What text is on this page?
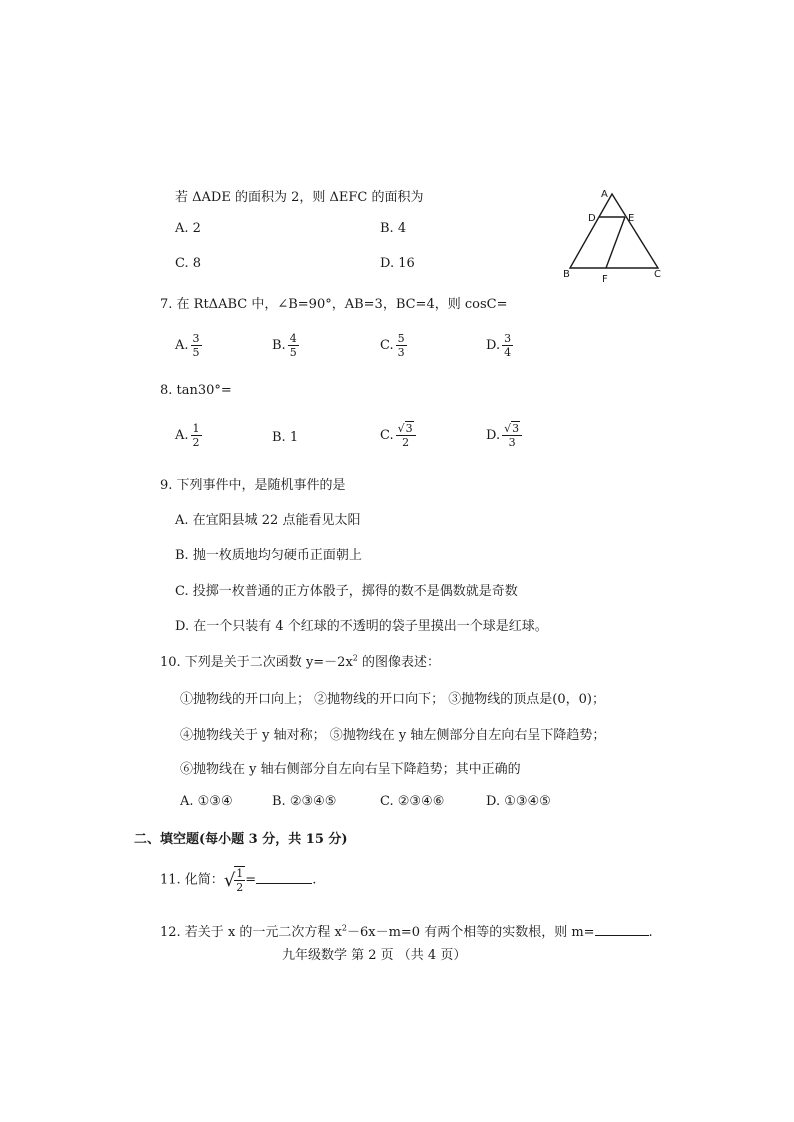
若 ΔADE 的面积为 2，则 ΔEFC 的面积为
A. 2	B. 4
C. 8	D. 16
A
D	E
B	F	C
7. 在 RtΔABC 中，∠B=90°，AB=3，BC=4，则 cosC=
A. $\frac{3}{5}$	B. $\frac{4}{5}$	C. $\frac{5}{3}$	D. $\frac{3}{4}$
8. tan30°=
A. $\frac{1}{2}$	B. 1	C. $\frac{√3}{2}$	D. $\frac{√3}{3}$
9. 下列事件中，是随机事件的是
A. 在宜阳县城 22 点能看见太阳
B. 抛一枚质地均匀硬币正面朝上
C. 投掷一枚普通的正方体骰子，掷得的数不是偶数就是奇数
D. 在一个只装有 4 个红球的不透明的袋子里摸出一个球是红球。
10. 下列是关于二次函数 $y=-2x^2$ 的图像表述：
①抛物线的开口向上； ②抛物线的开口向下； ③抛物线的顶点是(0，0)；
④抛物线关于 y 轴对称； ⑤抛物线在 y 轴左侧部分自左向右呈下降趋势；
⑥抛物线在 y 轴右侧部分自左向右呈下降趋势；其中正确的
A. ①③④	B. ②③④⑤	C. ②③④⑥	D. ①③④⑤
二、填空题(每小题 3 分，共 15 分)
11. 化简：√ $\frac{1}{2}$ =	.
12. 若关于 x 的一元二次方程 $x^2-6x-m=0$ 有两个相等的实数根，则 m=	.
九年级数学 第 2 页 （共 4 页）
